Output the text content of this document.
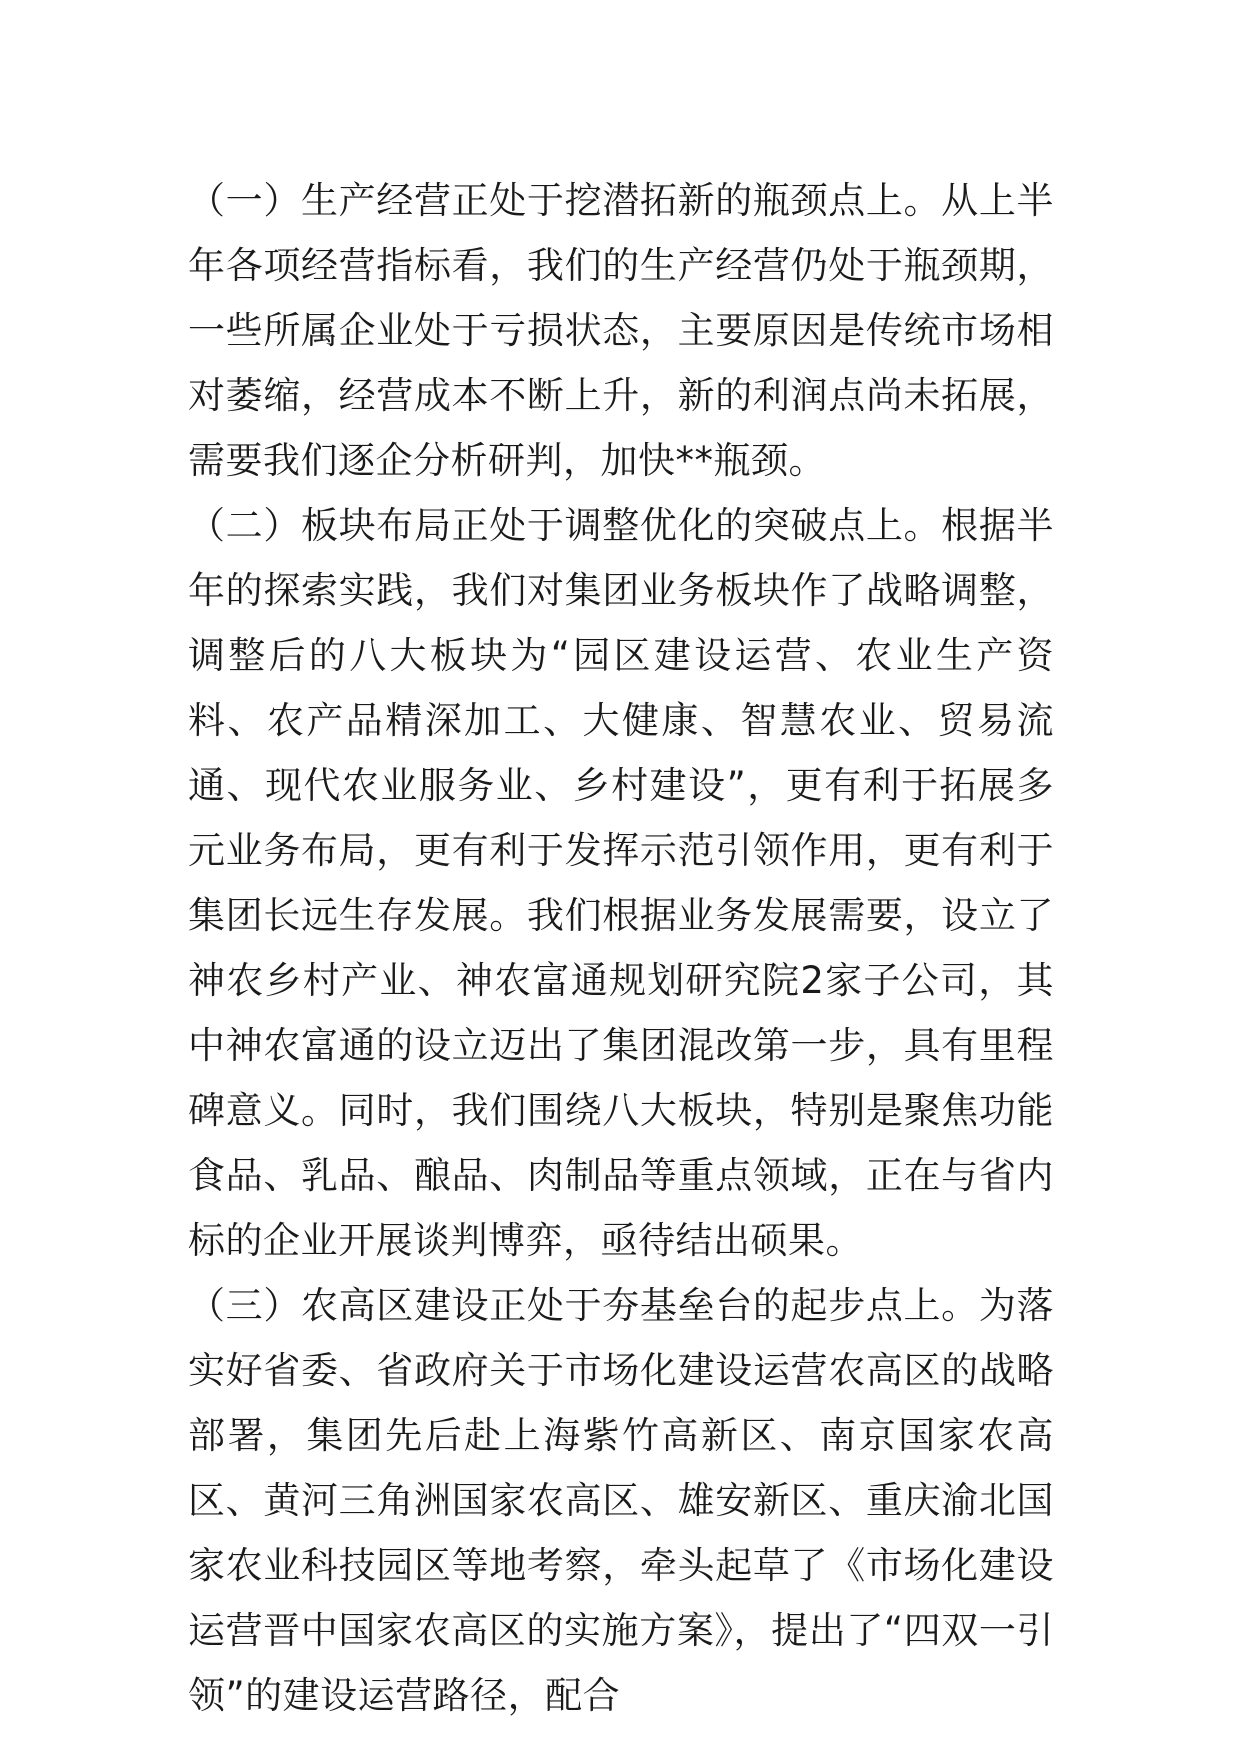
（一）生产经营正处于挖潜拓新的瓶颈点上。从上半年各项经营指标看，我们的生产经营仍处于瓶颈期，一些所属企业处于亏损状态，主要原因是传统市场相对萎缩，经营成本不断上升，新的利润点尚未拓展，需要我们逐企分析研判，加快**瓶颈。

（二）板块布局正处于调整优化的突破点上。根据半年的探索实践，我们对集团业务板块作了战略调整，调整后的八大板块为“园区建设运营、农业生产资料、农产品精深加工、大健康、智慧农业、贸易流通、现代农业服务业、乡村建设”，更有利于拓展多元业务布局，更有利于发挥示范引领作用，更有利于集团长远生存发展。我们根据业务发展需要，设立了神农乡村产业、神农富通规划研究院2家子公司，其中神农富通的设立迈出了集团混改第一步，具有里程碑意义。同时，我们围绕八大板块，特别是聚焦功能食品、乳品、酿品、肉制品等重点领域，正在与省内标的企业开展谈判博弈，亟待结出硕果。

（三）农高区建设正处于夯基垒台的起步点上。为落实好省委、省政府关于市场化建设运营农高区的战略部署，集团先后赴上海紫竹高新区、南京国家农高区、黄河三角洲国家农高区、雄安新区、重庆渝北国家农业科技园区等地考察，牵头起草了《市场化建设运营晋中国家农高区的实施方案》，提出了“四双一引领”的建设运营路径，配合
